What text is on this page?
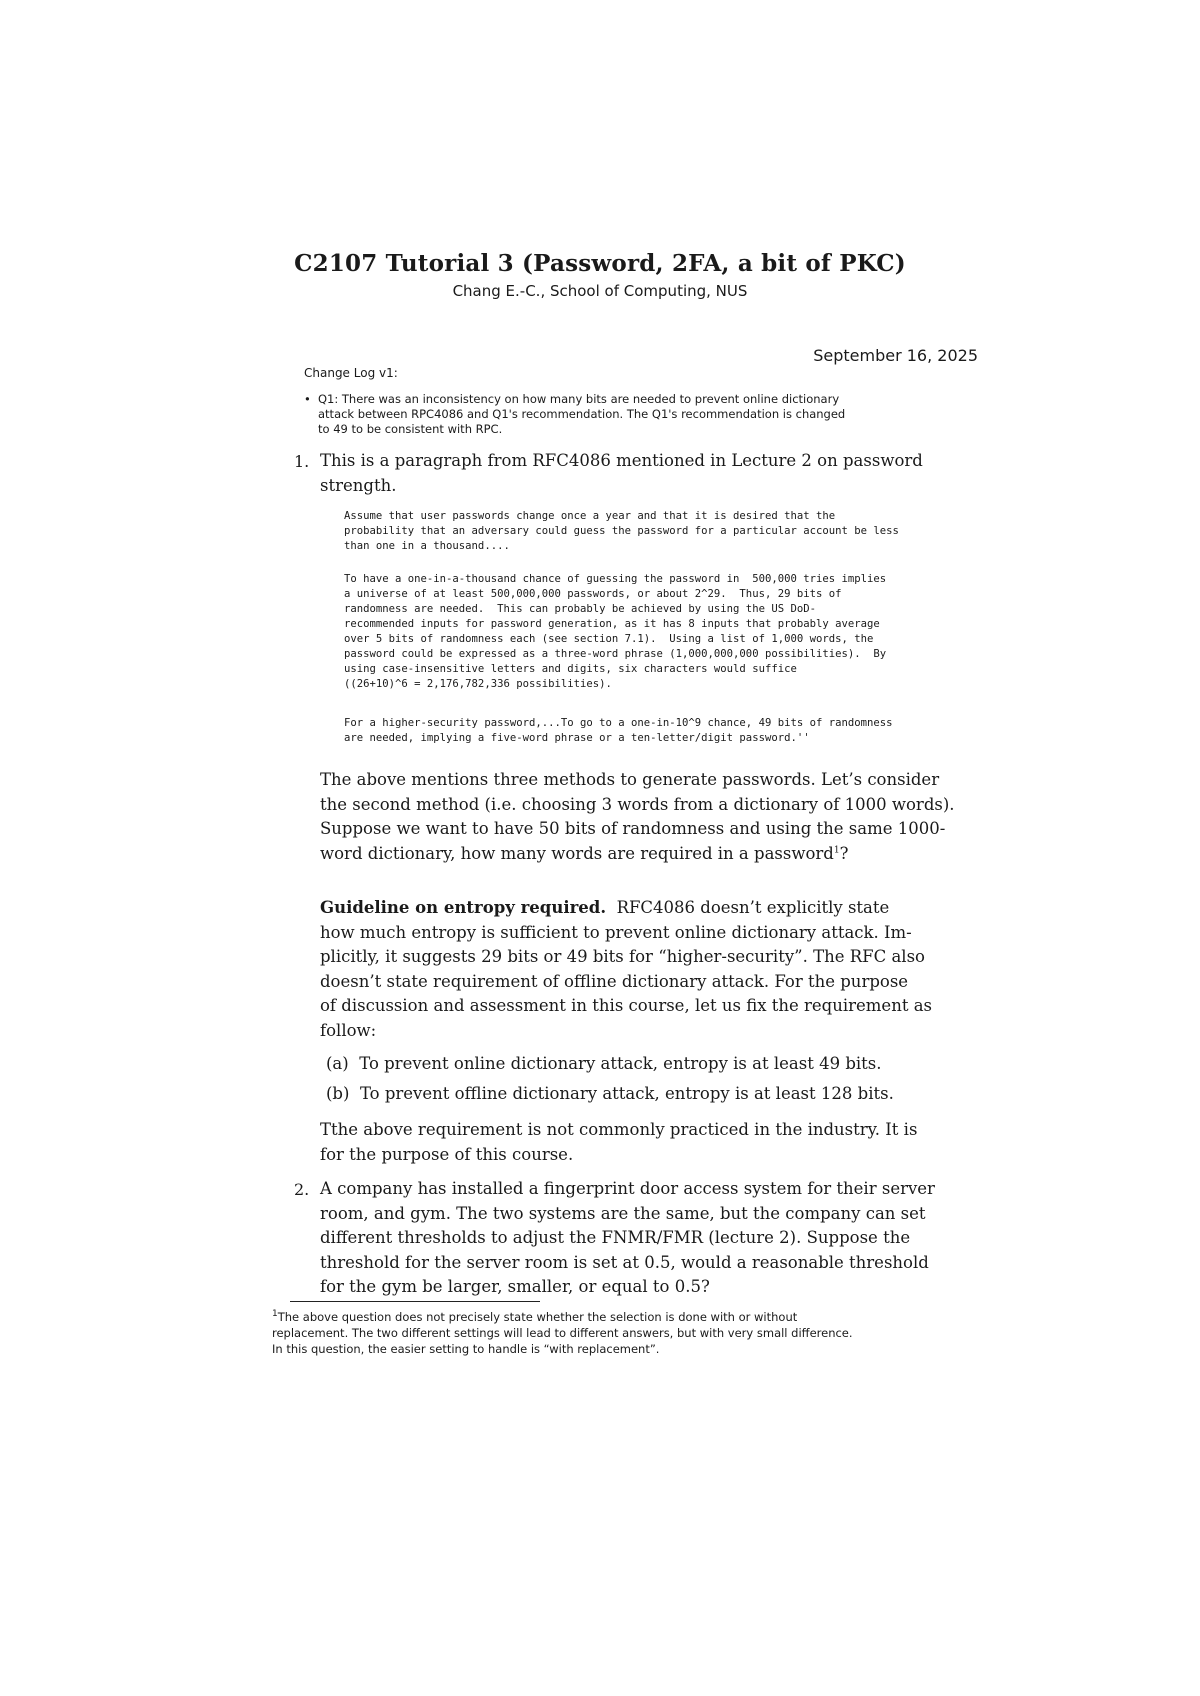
C2107 Tutorial 3 (Password, 2FA, a bit of PKC)
Chang E.-C., School of Computing, NUS
September 16, 2025
Change Log v1:
• Q1: There was an inconsistency on how many bits are needed to prevent online dictionary
attack between RPC4086 and Q1's recommendation. The Q1's recommendation is changed
to 49 to be consistent with RPC.
1. This is a paragraph from RFC4086 mentioned in Lecture 2 on password
strength.
Assume that user passwords change once a year and that it is desired that the
probability that an adversary could guess the password for a particular account be less
than one in a thousand....
To have a one-in-a-thousand chance of guessing the password in  500,000 tries implies
a universe of at least 500,000,000 passwords, or about 2^29.  Thus, 29 bits of
randomness are needed.  This can probably be achieved by using the US DoD-
recommended inputs for password generation, as it has 8 inputs that probably average
over 5 bits of randomness each (see section 7.1).  Using a list of 1,000 words, the
password could be expressed as a three-word phrase (1,000,000,000 possibilities).  By
using case-insensitive letters and digits, six characters would suffice
((26+10)^6 = 2,176,782,336 possibilities).
For a higher-security password,...To go to a one-in-10^9 chance, 49 bits of randomness
are needed, implying a five-word phrase or a ten-letter/digit password.''
The above mentions three methods to generate passwords. Let’s consider
the second method (i.e. choosing 3 words from a dictionary of 1000 words).
Suppose we want to have 50 bits of randomness and using the same 1000-
word dictionary, how many words are required in a password$^1$?
Guideline on entropy required. RFC4086 doesn’t explicitly state
how much entropy is sufficient to prevent online dictionary attack. Im-
plicitly, it suggests 29 bits or 49 bits for “higher-security”. The RFC also
doesn’t state requirement of offline dictionary attack. For the purpose
of discussion and assessment in this course, let us fix the requirement as
follow:
(a) To prevent online dictionary attack, entropy is at least 49 bits.
(b) To prevent offline dictionary attack, entropy is at least 128 bits.
Tthe above requirement is not commonly practiced in the industry. It is
for the purpose of this course.
2. A company has installed a fingerprint door access system for their server
room, and gym. The two systems are the same, but the company can set
different thresholds to adjust the FNMR/FMR (lecture 2). Suppose the
threshold for the server room is set at 0.5, would a reasonable threshold
for the gym be larger, smaller, or equal to 0.5?
$^1$The above question does not precisely state whether the selection is done with or without
replacement. The two different settings will lead to different answers, but with very small difference.
In this question, the easier setting to handle is “with replacement”.
